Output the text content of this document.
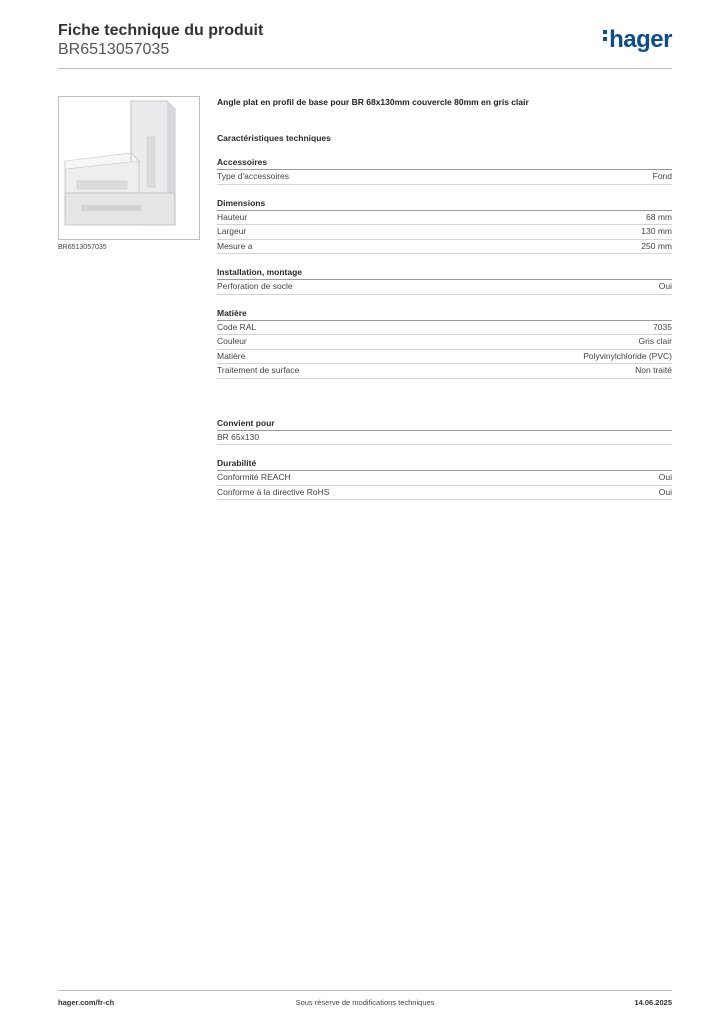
Fiche technique du produit
BR6513057035	hager
BR6513057035
Angle plat en profil de base pour BR 68x130mm couvercle 80mm en gris clair
Caractéristiques techniques
Accessoires
Type d'accessoires	Fond
Dimensions
Hauteur	68 mm
Largeur	130 mm
Mesure a	250 mm
Installation, montage
Perforation de socle	Oui
Matière
Code RAL	7035
Couleur	Gris clair
Matière	Polyvinylchloride (PVC)
Traitement de surface	Non traité
Convient pour
BR 65x130
Durabilité
Conformité REACH	Oui
Conforme à la directive RoHS	Oui
hager.com/fr-ch	Sous réserve de modifications techniques	14.06.2025
